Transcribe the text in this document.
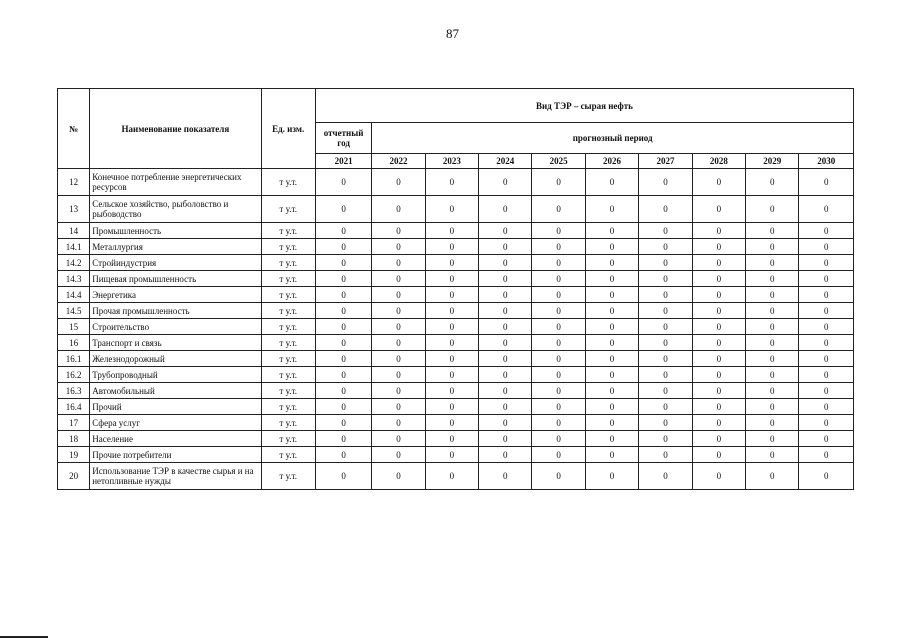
87
№	Наименование показателя	Ед. изм.	Вид ТЭР – сырая нефть									
			отчетный год	прогнозный период								
			2021	2022	2023	2024	2025	2026	2027	2028	2029	2030
12	Конечное потребление энергетических ресурсов	т у.т.	0	0	0	0	0	0	0	0	0	0
13	Сельское хозяйство, рыболовство и рыбоводство	т у.т.	0	0	0	0	0	0	0	0	0	0
14	Промышленность	т у.т.	0	0	0	0	0	0	0	0	0	0
14.1	Металлургия	т у.т.	0	0	0	0	0	0	0	0	0	0
14.2	Стройиндустрия	т у.т.	0	0	0	0	0	0	0	0	0	0
14.3	Пищевая промышленность	т у.т.	0	0	0	0	0	0	0	0	0	0
14.4	Энергетика	т у.т.	0	0	0	0	0	0	0	0	0	0
14.5	Прочая промышленность	т у.т.	0	0	0	0	0	0	0	0	0	0
15	Строительство	т у.т.	0	0	0	0	0	0	0	0	0	0
16	Транспорт и связь	т у.т.	0	0	0	0	0	0	0	0	0	0
16.1	Железнодорожный	т у.т.	0	0	0	0	0	0	0	0	0	0
16.2	Трубопроводный	т у.т.	0	0	0	0	0	0	0	0	0	0
16.3	Автомобильный	т у.т.	0	0	0	0	0	0	0	0	0	0
16.4	Прочий	т у.т.	0	0	0	0	0	0	0	0	0	0
17	Сфера услуг	т у.т.	0	0	0	0	0	0	0	0	0	0
18	Население	т у.т.	0	0	0	0	0	0	0	0	0	0
19	Прочие потребители	т у.т.	0	0	0	0	0	0	0	0	0	0
20	Использование ТЭР в качестве сырья и на нетопливные нужды	т у.т.	0	0	0	0	0	0	0	0	0	0
